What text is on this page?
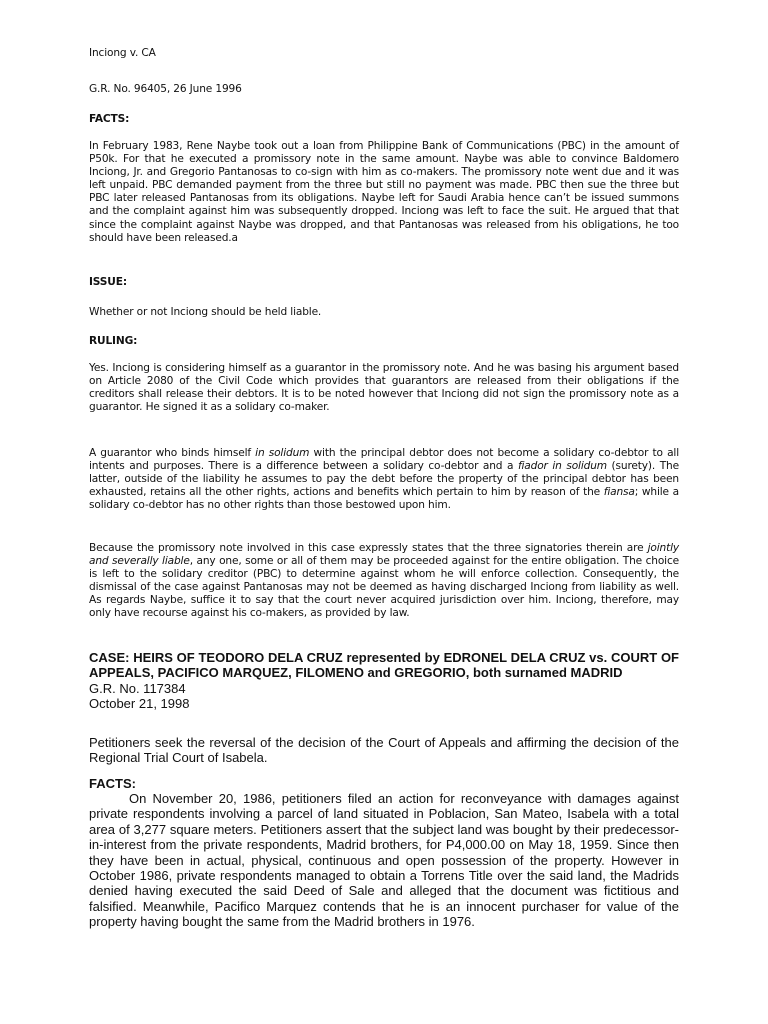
Inciong v. CA

G.R. No. 96405, 26 June 1996

FACTS:

In February 1983, Rene Naybe took out a loan from Philippine Bank of Communications (PBC) in the amount of P50k. For that he executed a promissory note in the same amount. Naybe was able to convince Baldomero Inciong, Jr. and Gregorio Pantanosas to co-sign with him as co-makers. The promissory note went due and it was left unpaid. PBC demanded payment from the three but still no payment was made. PBC then sue the three but PBC later released Pantanosas from its obligations. Naybe left for Saudi Arabia hence can’t be issued summons and the complaint against him was subsequently dropped. Inciong was left to face the suit. He argued that that since the complaint against Naybe was dropped, and that Pantanosas was released from his obligations, he too should have been released.a

ISSUE:

Whether or not Inciong should be held liable.

RULING:

Yes. Inciong is considering himself as a guarantor in the promissory note. And he was basing his argument based on Article 2080 of the Civil Code which provides that guarantors are released from their obligations if the creditors shall release their debtors. It is to be noted however that Inciong did not sign the promissory note as a guarantor. He signed it as a solidary co-maker.

A guarantor who binds himself in solidum with the principal debtor does not become a solidary co-debtor to all intents and purposes. There is a difference between a solidary co-debtor and a fiador in solidum (surety). The latter, outside of the liability he assumes to pay the debt before the property of the principal debtor has been exhausted, retains all the other rights, actions and benefits which pertain to him by reason of the fiansa; while a solidary co-debtor has no other rights than those bestowed upon him.

Because the promissory note involved in this case expressly states that the three signatories therein are jointly and severally liable, any one, some or all of them may be proceeded against for the entire obligation. The choice is left to the solidary creditor (PBC) to determine against whom he will enforce collection. Consequently, the dismissal of the case against Pantanosas may not be deemed as having discharged Inciong from liability as well. As regards Naybe, suffice it to say that the court never acquired jurisdiction over him. Inciong, therefore, may only have recourse against his co-makers, as provided by law.

CASE: HEIRS OF TEODORO DELA CRUZ represented by EDRONEL DELA CRUZ vs. COURT OF APPEALS, PACIFICO MARQUEZ, FILOMENO and GREGORIO, both surnamed MADRID

G.R. No. 117384

October 21, 1998

Petitioners seek the reversal of the decision of the Court of Appeals and affirming the decision of the Regional Trial Court of Isabela.

FACTS:

On November 20, 1986, petitioners filed an action for reconveyance with damages against private respondents involving a parcel of land situated in Poblacion, San Mateo, Isabela with a total area of 3,277 square meters. Petitioners assert that the subject land was bought by their predecessor-in-interest from the private respondents, Madrid brothers, for P4,000.00 on May 18, 1959. Since then they have been in actual, physical, continuous and open possession of the property. However in October 1986, private respondents managed to obtain a Torrens Title over the said land, the Madrids denied having executed the said Deed of Sale and alleged that the document was fictitious and falsified. Meanwhile, Pacifico Marquez contends that he is an innocent purchaser for value of the property having bought the same from the Madrid brothers in 1976.
